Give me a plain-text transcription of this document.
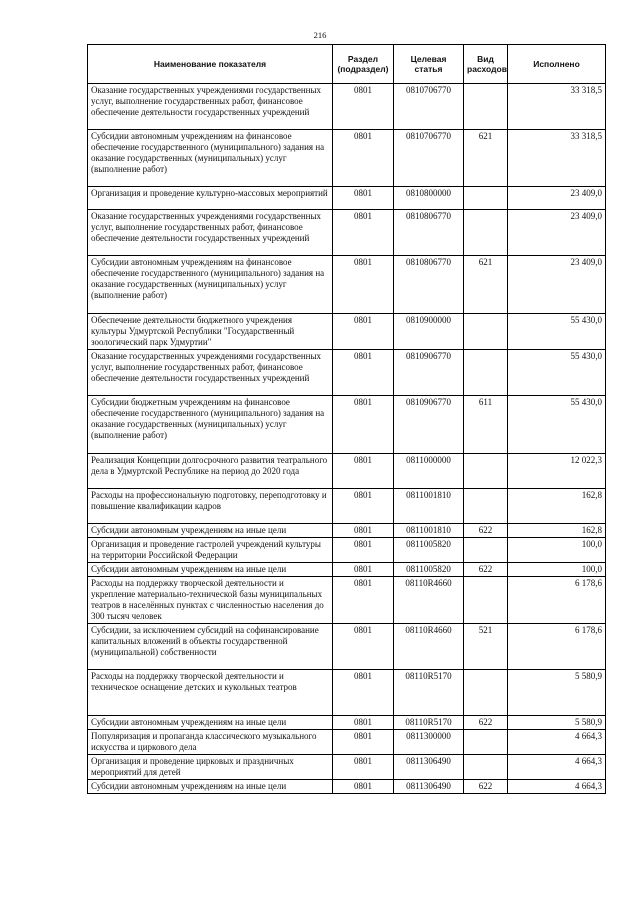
216
Наименование показателя	Раздел (подраздел)	Целевая статья	Вид расходов	Исполнено
Оказание государственных учреждениями государственных услуг, выполнение государственных работ, финансовое обеспечение деятельности государственных учреждений	0801	0810706770		33 318,5
Субсидии автономным учреждениям на финансовое обеспечение государственного (муниципального) задания на оказание государственных (муниципальных) услуг (выполнение работ)	0801	0810706770	621	33 318,5
Организация и проведение культурно-массовых мероприятий	0801	0810800000		23 409,0
Оказание государственных учреждениями государственных услуг, выполнение государственных работ, финансовое обеспечение деятельности государственных учреждений	0801	0810806770		23 409,0
Субсидии автономным учреждениям на финансовое обеспечение государственного (муниципального) задания на оказание государственных (муниципальных) услуг (выполнение работ)	0801	0810806770	621	23 409,0
Обеспечение деятельности бюджетного учреждения культуры Удмуртской Республики "Государственный зоологический парк Удмуртии"	0801	0810900000		55 430,0
Оказание государственных учреждениями государственных услуг, выполнение государственных работ, финансовое обеспечение деятельности государственных учреждений	0801	0810906770		55 430,0
Субсидии бюджетным учреждениям на финансовое обеспечение государственного (муниципального) задания на оказание государственных (муниципальных) услуг (выполнение работ)	0801	0810906770	611	55 430,0
Реализация Концепции долгосрочного развития театрального дела в Удмуртской Республике на период до 2020 года	0801	0811000000		12 022,3
Расходы на профессиональную подготовку, переподготовку и повышение квалификации кадров	0801	0811001810		162,8
Субсидии автономным учреждениям на иные цели	0801	0811001810	622	162,8
Организация и проведение гастролей учреждений культуры на территории Российской Федерации	0801	0811005820		100,0
Субсидии автономным учреждениям на иные цели	0801	0811005820	622	100,0
Расходы на поддержку творческой деятельности и укрепление материально-технической базы муниципальных театров в населённых пунктах с численностью населения до 300 тысяч человек	0801	08110R4660		6 178,6
Субсидии, за исключением субсидий на софинансирование капитальных вложений в объекты государственной (муниципальной) собственности	0801	08110R4660	521	6 178,6
Расходы на поддержку творческой деятельности и техническое оснащение детских и кукольных театров	0801	08110R5170		5 580,9
Субсидии автономным учреждениям на иные цели	0801	08110R5170	622	5 580,9
Популяризация и пропаганда классического музыкального искусства и циркового дела	0801	0811300000		4 664,3
Организация и проведение цирковых и праздничных мероприятий для детей	0801	0811306490		4 664,3
Субсидии автономным учреждениям на иные цели	0801	0811306490	622	4 664,3
